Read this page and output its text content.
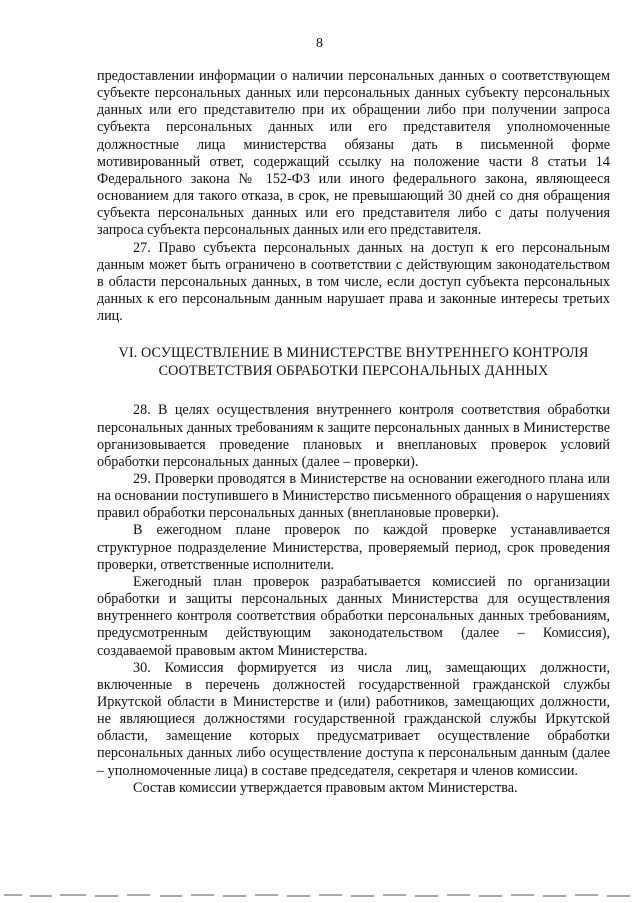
8

предоставлении информации о наличии персональных данных о соответствующем субъекте персональных данных или персональных данных субъекту персональных данных или его представителю при их обращении либо при получении запроса субъекта персональных данных или его представителя уполномоченные должностные лица министерства обязаны дать в письменной форме мотивированный ответ, содержащий ссылку на положение части 8 статьи 14 Федерального закона № 152-ФЗ или иного федерального закона, являющееся основанием для такого отказа, в срок, не превышающий 30 дней со дня обращения субъекта персональных данных или его представителя либо с даты получения запроса субъекта персональных данных или его представителя.

27. Право субъекта персональных данных на доступ к его персональным данным может быть ограничено в соответствии с действующим законодательством в области персональных данных, в том числе, если доступ субъекта персональных данных к его персональным данным нарушает права и законные интересы третьих лиц.

VI. ОСУЩЕСТВЛЕНИЕ В МИНИСТЕРСТВЕ ВНУТРЕННЕГО КОНТРОЛЯ
СООТВЕТСТВИЯ ОБРАБОТКИ ПЕРСОНАЛЬНЫХ ДАННЫХ

28. В целях осуществления внутреннего контроля соответствия обработки персональных данных требованиям к защите персональных данных в Министерстве организовывается проведение плановых и внеплановых проверок условий обработки персональных данных (далее – проверки).

29. Проверки проводятся в Министерстве на основании ежегодного плана или на основании поступившего в Министерство письменного обращения о нарушениях правил обработки персональных данных (внеплановые проверки).

В ежегодном плане проверок по каждой проверке устанавливается структурное подразделение Министерства, проверяемый период, срок проведения проверки, ответственные исполнители.

Ежегодный план проверок разрабатывается комиссией по организации обработки и защиты персональных данных Министерства для осуществления внутреннего контроля соответствия обработки персональных данных требованиям, предусмотренным действующим законодательством (далее – Комиссия), создаваемой правовым актом Министерства.

30. Комиссия формируется из числа лиц, замещающих должности, включенные в перечень должностей государственной гражданской службы Иркутской области в Министерстве и (или) работников, замещающих должности, не являющиеся должностями государственной гражданской службы Иркутской области, замещение которых предусматривает осуществление обработки персональных данных либо осуществление доступа к персональным данным (далее – уполномоченные лица) в составе председателя, секретаря и членов комиссии.

Состав комиссии утверждается правовым актом Министерства.
